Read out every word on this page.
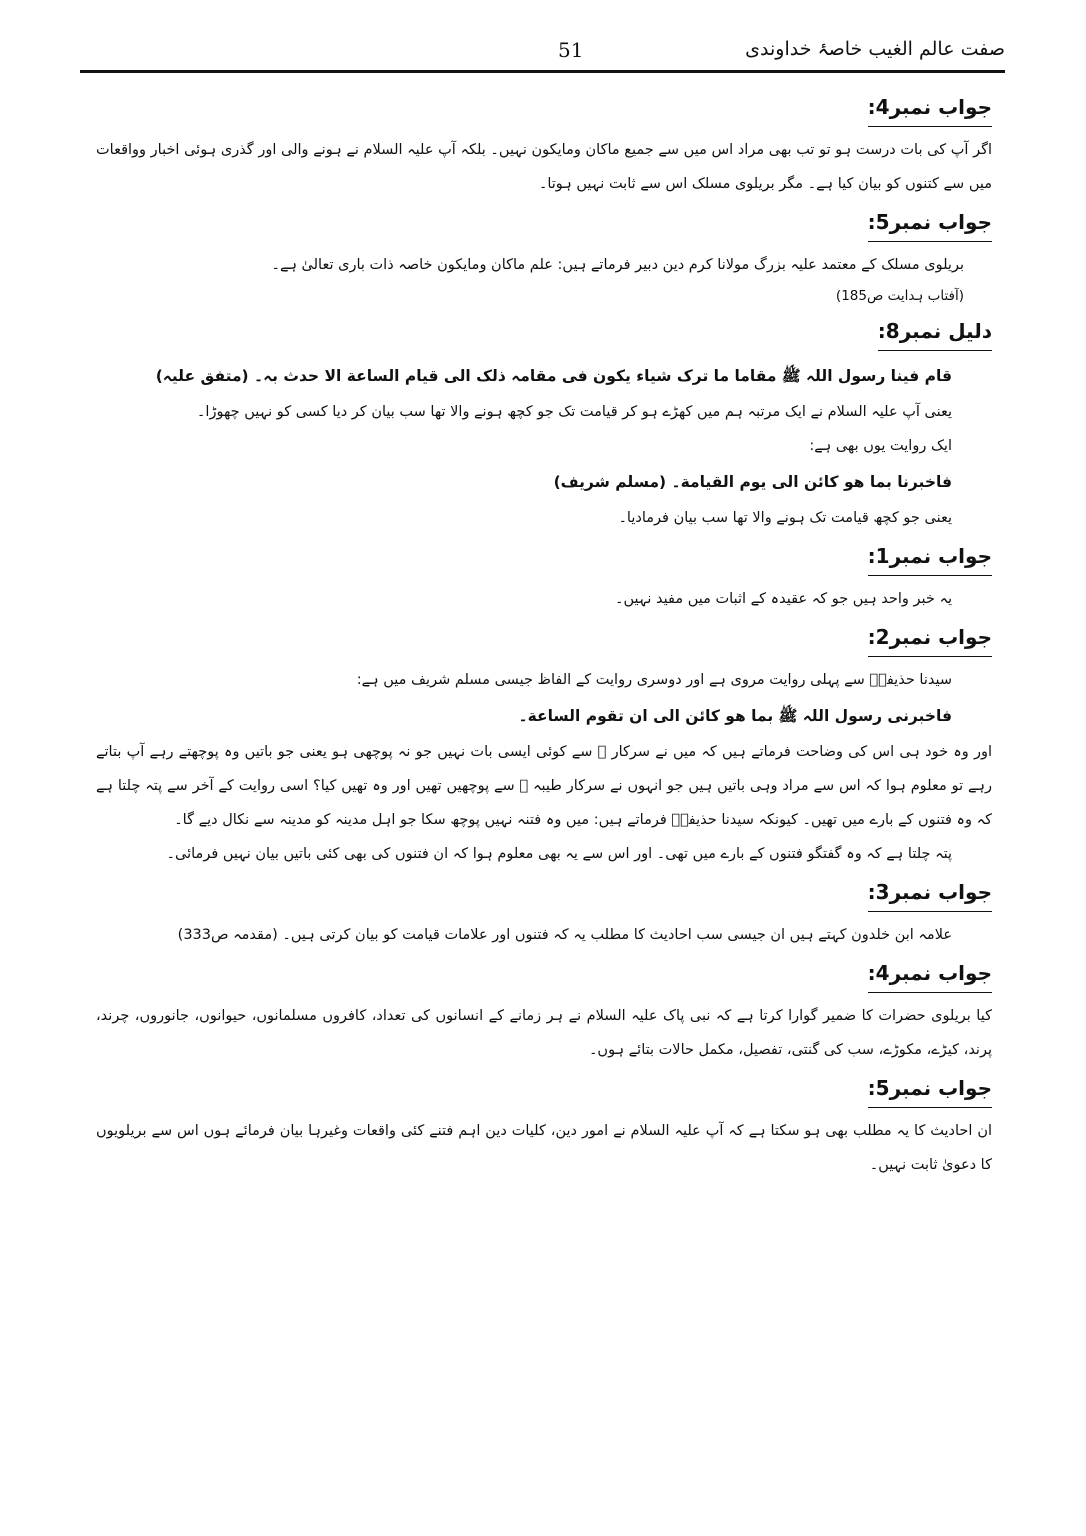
صفت عالم الغیب خاصۂ خداوندی
51
جواب نمبر4:
اگر آپ کی بات درست ہو تو تب بھی مراد اس میں سے جمیع ماکان ومایکون نہیں۔ بلکہ آپ علیہ السلام نے ہونے والی اور گذری ہوئی اخبار وواقعات میں سے کتنوں کو بیان کیا ہے۔ مگر بریلوی مسلک اس سے ثابت نہیں ہوتا۔
جواب نمبر5:
بریلوی مسلک کے معتمد علیہ بزرگ مولانا کرم دین دبیر فرماتے ہیں: علم ماکان ومایکون خاصہ ذات باری تعالیٰ ہے۔
(آفتاب ہدایت ص185)
دلیل نمبر8:
قام فینا رسول اللہ ﷺ مقاما ما ترک شیاء یکون فی مقامہ ذلک الی قیام الساعة الا حدث بہ۔ (متفق علیہ)
یعنی آپ علیہ السلام نے ایک مرتبہ ہم میں کھڑے ہو کر قیامت تک جو کچھ ہونے والا تھا سب بیان کر دیا کسی کو نہیں چھوڑا۔
ایک روایت یوں بھی ہے:
فاخبرنا بما ھو کائن الی یوم القیامة۔ (مسلم شریف)
یعنی جو کچھ قیامت تک ہونے والا تھا سب بیان فرمادیا۔
جواب نمبر1:
یہ خبر واحد ہیں جو کہ عقیدہ کے اثبات میں مفید نہیں۔
جواب نمبر2:
سیدنا حذیفہؓ سے پہلی روایت مروی ہے اور دوسری روایت کے الفاظ جیسی مسلم شریف میں ہے:
فاخبرنی رسول اللہ ﷺ بما ھو کائن الی ان تقوم الساعة۔
اور وہ خود ہی اس کی وضاحت فرماتے ہیں کہ میں نے سرکار ﷺ سے کوئی ایسی بات نہیں جو نہ پوچھی ہو یعنی جو باتیں وہ پوچھتے رہے آپ بتاتے رہے تو معلوم ہوا کہ اس سے مراد وہی باتیں ہیں جو انہوں نے سرکار طیبہ ﷺ سے پوچھیں تھیں اور وہ تھیں کیا؟ اسی روایت کے آخر سے پتہ چلتا ہے کہ وہ فتنوں کے بارے میں تھیں۔ کیونکہ سیدنا حذیفہؓ فرماتے ہیں: میں وہ فتنہ نہیں پوچھ سکا جو اہل مدینہ کو مدینہ سے نکال دیے گا۔
پتہ چلتا ہے کہ وہ گفتگو فتنوں کے بارے میں تھی۔ اور اس سے یہ بھی معلوم ہوا کہ ان فتنوں کی بھی کئی باتیں بیان نہیں فرمائی۔
جواب نمبر3:
علامہ ابن خلدون کہتے ہیں ان جیسی سب احادیث کا مطلب یہ کہ فتنوں اور علامات قیامت کو بیان کرتی ہیں۔ (مقدمہ ص333)
جواب نمبر4:
کیا بریلوی حضرات کا ضمیر گوارا کرتا ہے کہ نبی پاک علیہ السلام نے ہر زمانے کے انسانوں کی تعداد، کافروں مسلمانوں، حیوانوں، جانوروں، چرند، پرند، کیڑے، مکوڑے، سب کی گنتی، تفصیل، مکمل حالات بتائے ہوں۔
جواب نمبر5:
ان احادیث کا یہ مطلب بھی ہو سکتا ہے کہ آپ علیہ السلام نے امور دین، کلیات دین اہم فتنے کئی واقعات وغیرہا بیان فرمائے ہوں اس سے بریلویوں کا دعویٰ ثابت نہیں۔
